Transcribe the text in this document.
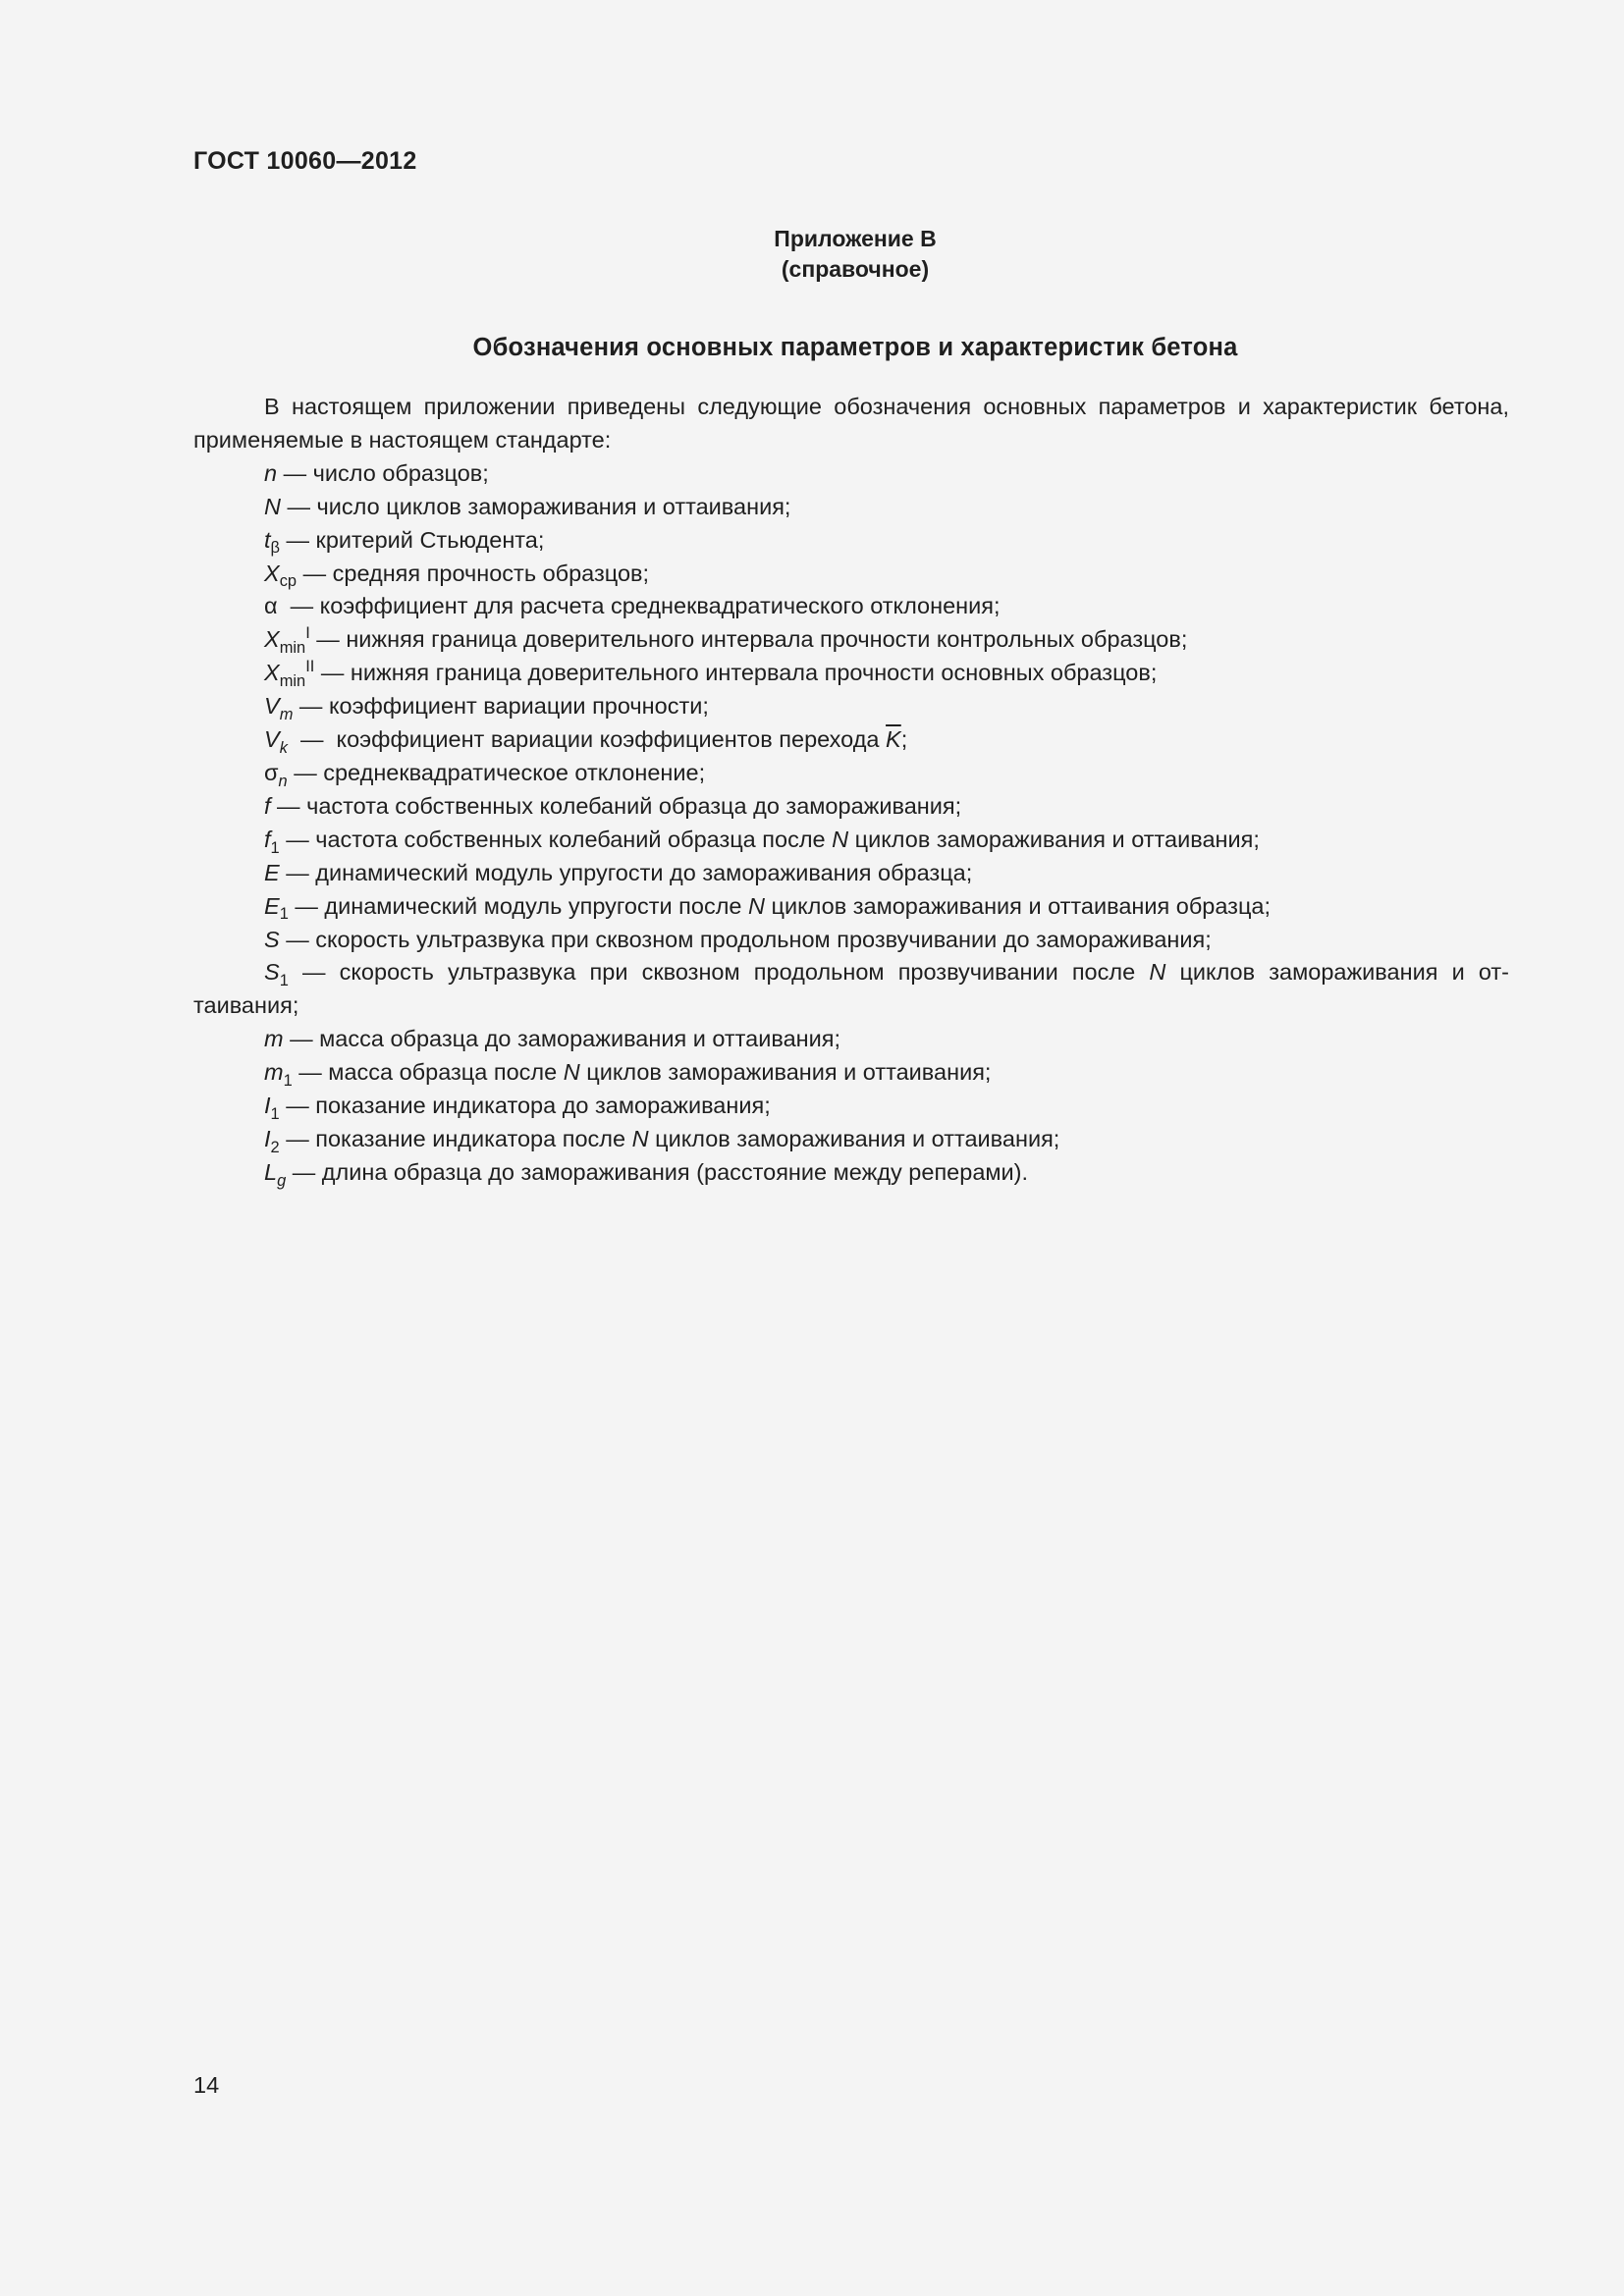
ГОСТ 10060—2012
Приложение В
(справочное)
Обозначения основных параметров и характеристик бетона

В настоящем приложении приведены следующие обозначения основных параметров и характеристик бетона, применяемые в настоящем стандарте:

n — число образцов;
N — число циклов замораживания и оттаивания;
$t_\beta$ — критерий Стьюдента;
$X_{ср}$ — средняя прочность образцов;
α  — коэффициент для расчета среднеквадратического отклонения;
$X_{min}^I$ — нижняя граница доверительного интервала прочности контрольных образцов;
$X_{min}^{II}$ — нижняя граница доверительного интервала прочности основных образцов;
$V_m$ — коэффициент вариации прочности;
$V_k$  —  коэффициент вариации коэффициентов перехода $\overline{K}$;
$\sigma_n$ — среднеквадратическое отклонение;
f — частота собственных колебаний образца до замораживания;
$f_1$ — частота собственных колебаний образца после N циклов замораживания и оттаивания;
E — динамический модуль упругости до замораживания образца;
$E_1$ — динамический модуль упругости после N циклов замораживания и оттаивания образца;
S — скорость ультразвука при сквозном продольном прозвучивании до замораживания;
$S_1$ — скорость ультразвука при сквозном продольном прозвучивании после N циклов замораживания и оттаивания;
m — масса образца до замораживания и оттаивания;
$m_1$ — масса образца после N циклов замораживания и оттаивания;
$I_1$ — показание индикатора до замораживания;
$I_2$ — показание индикатора после N циклов замораживания и оттаивания;
$L_g$ — длина образца до замораживания (расстояние между реперами).
14
